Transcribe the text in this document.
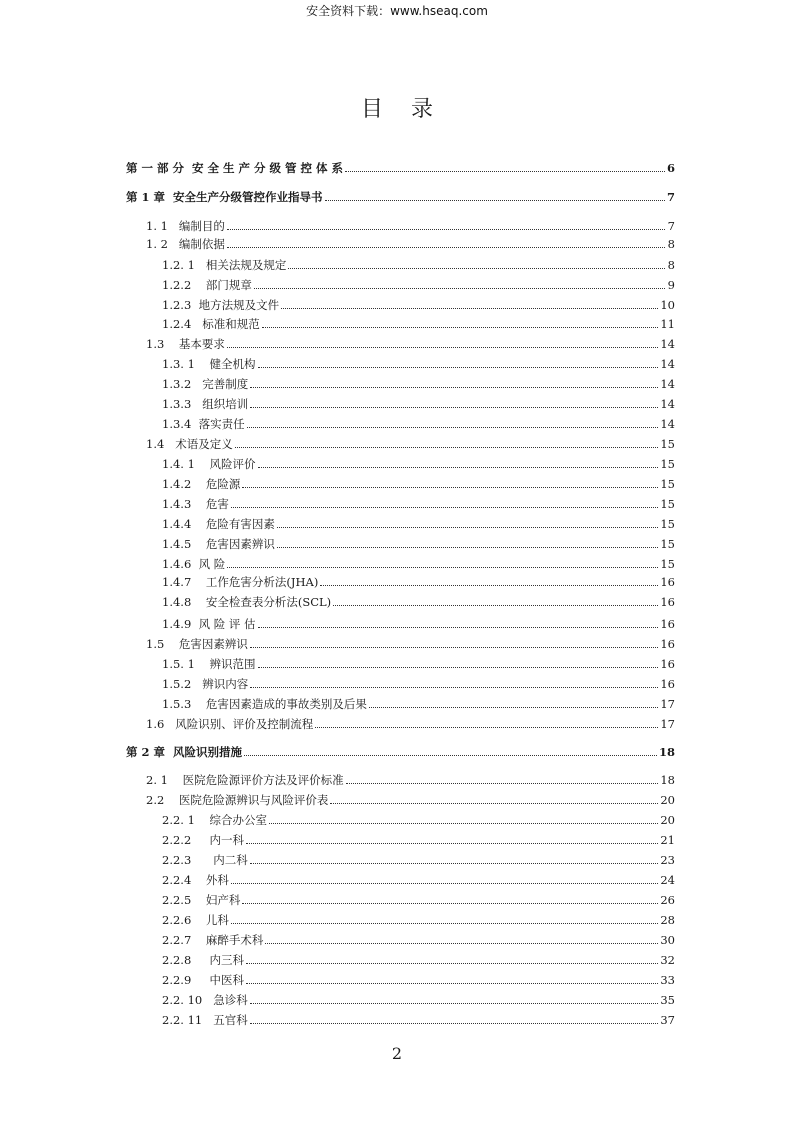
安全资料下载：www.hseaq.com
目录
第 一 部 分  安 全 生 产 分 级 管 控 体 系	6
第 1 章  安全生产分级管控作业指导书	7
1. 1   编制目的	7
1. 2   编制依据	8
1.2. 1   相关法规及规定	8
1.2.2    部门规章	9
1.2.3  地方法规及文件	10
1.2.4   标准和规范	11
1.3    基本要求	14
1.3. 1    健全机构	14
1.3.2   完善制度	14
1.3.3   组织培训	14
1.3.4  落实责任	14
1.4   术语及定义	15
1.4. 1    风险评价	15
1.4.2    危险源	15
1.4.3    危害	15
1.4.4    危险有害因素	15
1.4.5    危害因素辨识	15
1.4.6  风 险	15
1.4.7    工作危害分析法(JHA)	16
1.4.8    安全检查表分析法(SCL)	16
1.4.9  风 险 评 估	16
1.5    危害因素辨识	16
1.5. 1    辨识范围	16
1.5.2   辨识内容	16
1.5.3    危害因素造成的事故类别及后果	17
1.6   风险识别、评价及控制流程	17
第 2 章  风险识别措施	18
2. 1    医院危险源评价方法及评价标准	18
2.2    医院危险源辨识与风险评价表	20
2.2. 1    综合办公室	20
2.2.2     内一科	21
2.2.3      内二科	23
2.2.4    外科	24
2.2.5    妇产科	26
2.2.6    儿科	28
2.2.7    麻醉手术科	30
2.2.8     内三科	32
2.2.9     中医科	33
2.2. 10   急诊科	35
2.2. 11   五官科	37
2
